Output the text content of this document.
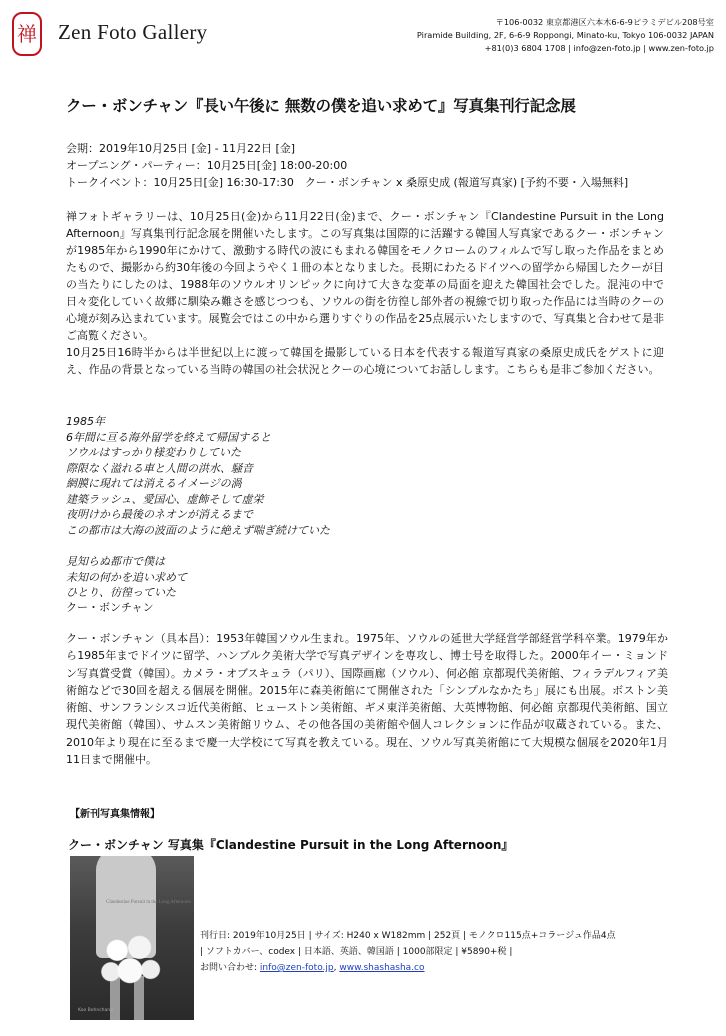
禅 Zen Foto Gallery	〒106-0032 東京都港区六本木6-6-9ピラミデビル208号室
Piramide Building, 2F, 6-6-9 Roppongi, Minato-ku, Tokyo 106-0032 JAPAN
+81(0)3 6804 1708 | info@zen-foto.jp | www.zen-foto.jp
クー・ボンチャン『長い午後に 無数の僕を追い求めて』写真集刊行記念展
会期：2019年10月25日 [金] - 11月22日 [金]
オープニング・パーティー：10月25日[金] 18:00-20:00
トークイベント：10月25日[金] 16:30-17:30　クー・ボンチャン x 桑原史成 (報道写真家) [予約不要・入場無料]

禅フォトギャラリーは、10月25日(金)から11月22日(金)まで、クー・ボンチャン『Clandestine Pursuit in the Long Afternoon』写真集刊行記念展を開催いたします。この写真集は国際的に活躍する韓国人写真家であるクー・ボンチャンが1985年から1990年にかけて、激動する時代の波にもまれる韓国をモノクロームのフィルムで写し取った作品をまとめたもので、撮影から約30年後の今回ようやく１冊の本となりました。長期にわたるドイツへの留学から帰国したクーが目の当たりにしたのは、1988年のソウルオリンピックに向けて大きな変革の局面を迎えた韓国社会でした。混沌の中で日々変化していく故郷に馴染み難さを感じつつも、ソウルの街を彷徨し部外者の視線で切り取った作品には当時のクーの心境が刻み込まれています。展覧会ではこの中から選りすぐりの作品を25点展示いたしますので、写真集と合わせて是非ご高覧ください。

10月25日16時半からは半世紀以上に渡って韓国を撮影している日本を代表する報道写真家の桑原史成氏をゲストに迎え、作品の背景となっている当時の韓国の社会状況とクーの心境についてお話しします。こちらも是非ご参加ください。

1985年
6年間に亘る海外留学を終えて帰国すると
ソウルはすっかり様変わりしていた
際限なく溢れる車と人間の洪水、騒音
網膜に現れては消えるイメージの渦
建築ラッシュ、愛国心、虚飾そして虚栄
夜明けから最後のネオンが消えるまで
この都市は大海の波面のように絶えず喘ぎ続けていた
見知らぬ都市で僕は
未知の何かを追い求めて
ひとり、彷徨っていた
クー・ボンチャン
クー・ボンチャン（具本昌）：1953年韓国ソウル生まれ。1975年、ソウルの延世大学経営学部経営学科卒業。1979年から1985年までドイツに留学、ハンブルク美術大学で写真デザインを専攻し、博士号を取得した。2000年イー・ミョンドン写真賞受賞（韓国）。カメラ・オブスキュラ（パリ）、国際画廊（ソウル）、何必館 京都現代美術館、フィラデルフィア美術館などで30回を超える個展を開催。2015年に森美術館にて開催された「シンプルなかたち」展にも出展。ボストン美術館、サンフランシスコ近代美術館、ヒューストン美術館、ギメ東洋美術館、大英博物館、何必館 京都現代美術館、国立現代美術館（韓国）、サムスン美術館リウム、その他各国の美術館や個人コレクションに作品が収蔵されている。また、2010年より現在に至るまで慶一大学校にて写真を教えている。現在、ソウル写真美術館にて大規模な個展を2020年1月11日まで開催中。
【新刊写真集情報】
クー・ボンチャン 写真集『Clandestine Pursuit in the Long Afternoon』
Clandestine Pursuit in the Long Afternoon
Koo Bohnchang
刊行日: 2019年10月25日 | サイズ: H240 x W182mm | 252頁 | モノクロ115点+コラージュ作品4点
| ソフトカバー、codex | 日本語、英語、韓国語 | 1000部限定 | ¥5890+税 |
お問い合わせ: info@zen-foto.jp, www.shashasha.co
